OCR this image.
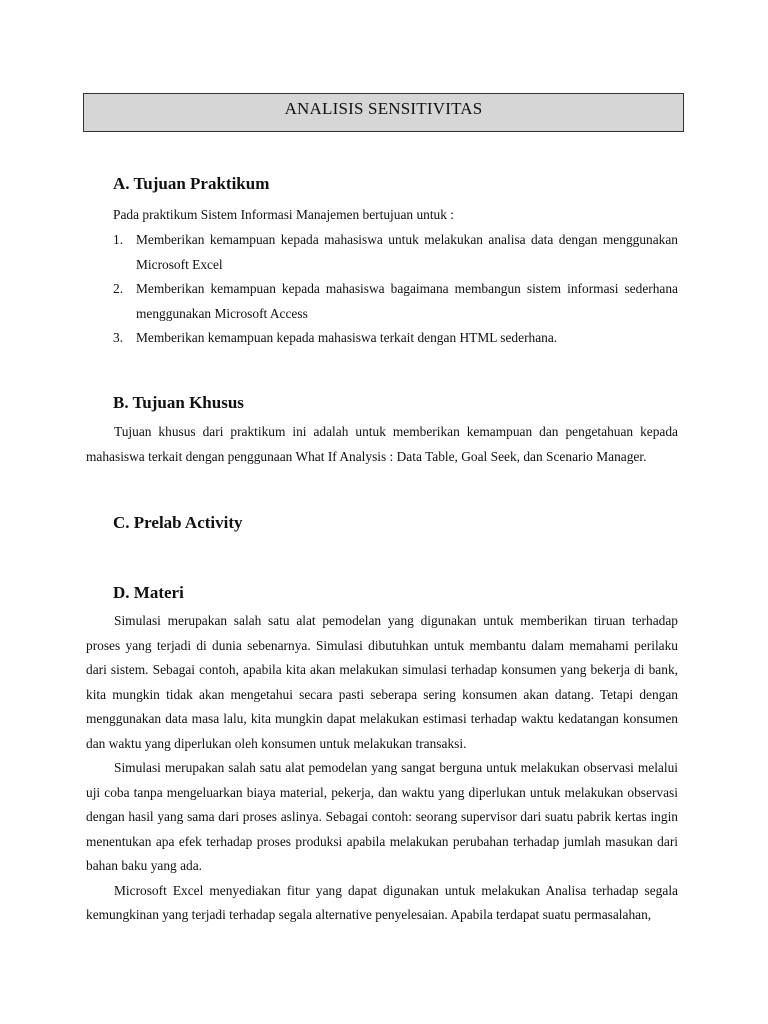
ANALISIS SENSITIVITAS
A. Tujuan Praktikum

Pada praktikum Sistem Informasi Manajemen bertujuan untuk :

1. Memberikan kemampuan kepada mahasiswa untuk melakukan analisa data dengan menggunakan Microsoft Excel
2. Memberikan kemampuan kepada mahasiswa bagaimana membangun sistem informasi sederhana menggunakan Microsoft Access
3. Memberikan kemampuan kepada mahasiswa terkait dengan HTML sederhana.
B. Tujuan Khusus

Tujuan khusus dari praktikum ini adalah untuk memberikan kemampuan dan pengetahuan kepada mahasiswa terkait dengan penggunaan What If Analysis : Data Table, Goal Seek, dan Scenario Manager.

C. Prelab Activity
D. Materi

Simulasi merupakan salah satu alat pemodelan yang digunakan untuk memberikan tiruan terhadap proses yang terjadi di dunia sebenarnya. Simulasi dibutuhkan untuk membantu dalam memahami perilaku dari sistem. Sebagai contoh, apabila kita akan melakukan simulasi terhadap konsumen yang bekerja di bank, kita mungkin tidak akan mengetahui secara pasti seberapa sering konsumen akan datang. Tetapi dengan menggunakan data masa lalu, kita mungkin dapat melakukan estimasi terhadap waktu kedatangan konsumen dan waktu yang diperlukan oleh konsumen untuk melakukan transaksi.

Simulasi merupakan salah satu alat pemodelan yang sangat berguna untuk melakukan observasi melalui uji coba tanpa mengeluarkan biaya material, pekerja, dan waktu yang diperlukan untuk melakukan observasi dengan hasil yang sama dari proses aslinya. Sebagai contoh: seorang supervisor dari suatu pabrik kertas ingin menentukan apa efek terhadap proses produksi apabila melakukan perubahan terhadap jumlah masukan dari bahan baku yang ada.

Microsoft Excel menyediakan fitur yang dapat digunakan untuk melakukan Analisa terhadap segala kemungkinan yang terjadi terhadap segala alternative penyelesaian. Apabila terdapat suatu permasalahan,
